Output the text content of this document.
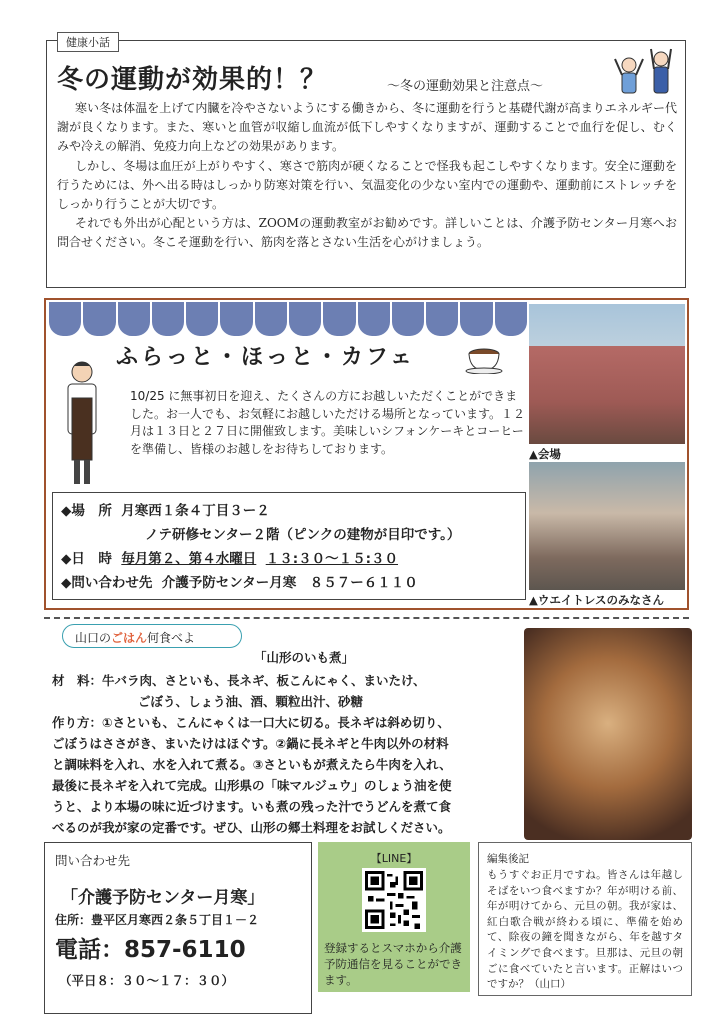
健康小話
冬の運動が効果的！？	～冬の運動効果と注意点～

寒い冬は体温を上げて内臓を冷やさないようにする働きから、冬に運動を行うと基礎代謝が高まりエネルギー代謝が良くなります。また、寒いと血管が収縮し血流が低下しやすくなりますが、運動することで血行を促し、むくみや冷えの解消、免疫力向上などの効果があります。

しかし、冬場は血圧が上がりやすく、寒さで筋肉が硬くなることで怪我も起こしやすくなります。安全に運動を行うためには、外へ出る時はしっかり防寒対策を行い、気温変化の少ない室内での運動や、運動前にストレッチをしっかり行うことが大切です。

それでも外出が心配という方は、ZOOMの運動教室がお勧めです。詳しいことは、介護予防センター月寒へお問合せください。冬こそ運動を行い、筋肉を落とさない生活を心がけましょう。

ふらっと・ほっと・カフェ
10/25 に無事初日を迎え、たくさんの方にお越しいただくことができました。お一人でも、お気軽にお越しいただける場所となっています。１２月は１３日と２７日に開催致します。美味しいシフォンケーキとコーヒーを準備し、皆様のお越しをお待ちしております。
◆場　所 月寒西１条４丁目３ー２
ノテ研修センター２階（ピンクの建物が目印です。）
◆日　時 毎月第２、第４水曜日 １３:３０～１５:３０
◆問い合わせ先 介護予防センター月寒　８５７ー６１１０
▲会場
▲ウエイトレスのみなさん
山口のごはん何食べよ
「山形のいも煮」
材　料：牛バラ肉、さといも、長ネギ、板こんにゃく、まいたけ、
ごぼう、しょう油、酒、顆粒出汁、砂糖
作り方：①さといも、こんにゃくは一口大に切る。長ネギは斜め切り、
ごぼうはささがき、まいたけはほぐす。②鍋に長ネギと牛肉以外の材料
と調味料を入れ、水を入れて煮る。③さといもが煮えたら牛肉を入れ、
最後に長ネギを入れて完成。山形県の「味マルジュウ」のしょう油を使
うと、より本場の味に近づけます。いも煮の残った汁でうどんを煮て食
べるのが我が家の定番です。ぜひ、山形の郷土料理をお試しください。
問い合わせ先
「介護予防センター月寒」
住所：豊平区月寒西２条５丁目１－２
電話：857-6110
（平日８：３０～１７：３０）
【LINE】
登録するとスマホから介護予防通信を見ることができます。
編集後記
もうすぐお正月ですね。皆さんは年越しそばをいつ食べますか？年が明ける前、年が明けてから、元旦の朝。我が家は、紅白歌合戦が終わる頃に、準備を始めて、除夜の鐘を聞きながら、年を越すタイミングで食べます。旦那は、元旦の朝ごに食べていたと言います。正解はいつですか？（山口）
